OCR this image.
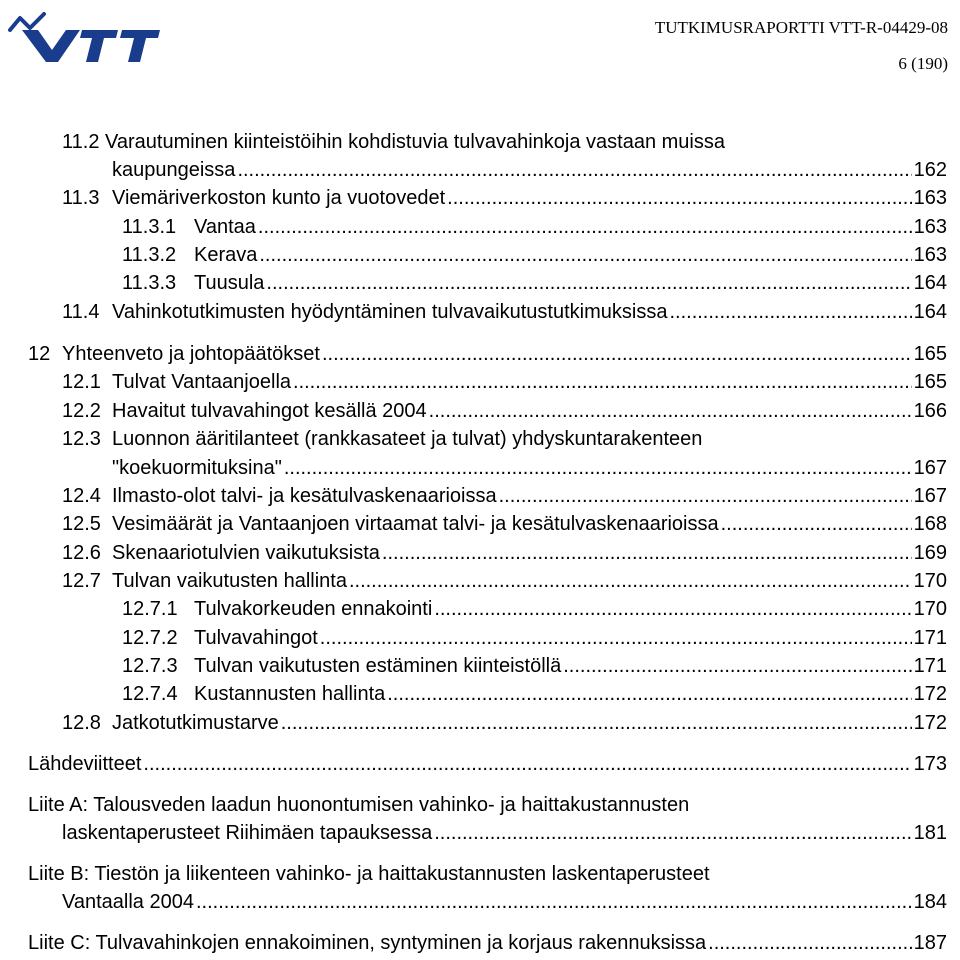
TUTKIMUSRAPORTTI VTT-R-04429-08
6 (190)
11.2 Varautuminen kiinteistöihin kohdistuvia tulvavahinkoja vastaan muissa
kaupungeissa .....	162
11.3 Viemäriverkoston kunto ja vuotovedet .....	163
11.3.1 Vantaa .....	163
11.3.2 Kerava .....	163
11.3.3 Tuusula .....	164
11.4 Vahinkotutkimusten hyödyntäminen tulvavaikutustutkimuksissa .....	164
12 Yhteenveto ja johtopäätökset .....	165
12.1 Tulvat Vantaanjoella .....	165
12.2 Havaitut tulvavahingot kesällä 2004 .....	166
12.3 Luonnon ääritilanteet (rankkasateet ja tulvat) yhdyskuntarakenteen
"koekuormituksina" .....	167
12.4 Ilmasto-olot talvi- ja kesätulvaskenaarioissa .....	167
12.5 Vesimäärät ja Vantaanjoen virtaamat talvi- ja kesätulvaskenaarioissa .....	168
12.6 Skenaariotulvien vaikutuksista .....	169
12.7 Tulvan vaikutusten hallinta .....	170
12.7.1 Tulvakorkeuden ennakointi .....	170
12.7.2 Tulvavahingot .....	171
12.7.3 Tulvan vaikutusten estäminen kiinteistöllä .....	171
12.7.4 Kustannusten hallinta .....	172
12.8 Jatkotutkimustarve .....	172
Lähdeviitteet .....	173
Liite A: Talousveden laadun huonontumisen vahinko- ja haittakustannusten
laskentaperusteet Riihimäen tapauksessa .....	181
Liite B: Tiestön ja liikenteen vahinko- ja haittakustannusten laskentaperusteet
Vantaalla 2004 .....	184
Liite C: Tulvavahinkojen ennakoiminen, syntyminen ja korjaus rakennuksissa .....	187
